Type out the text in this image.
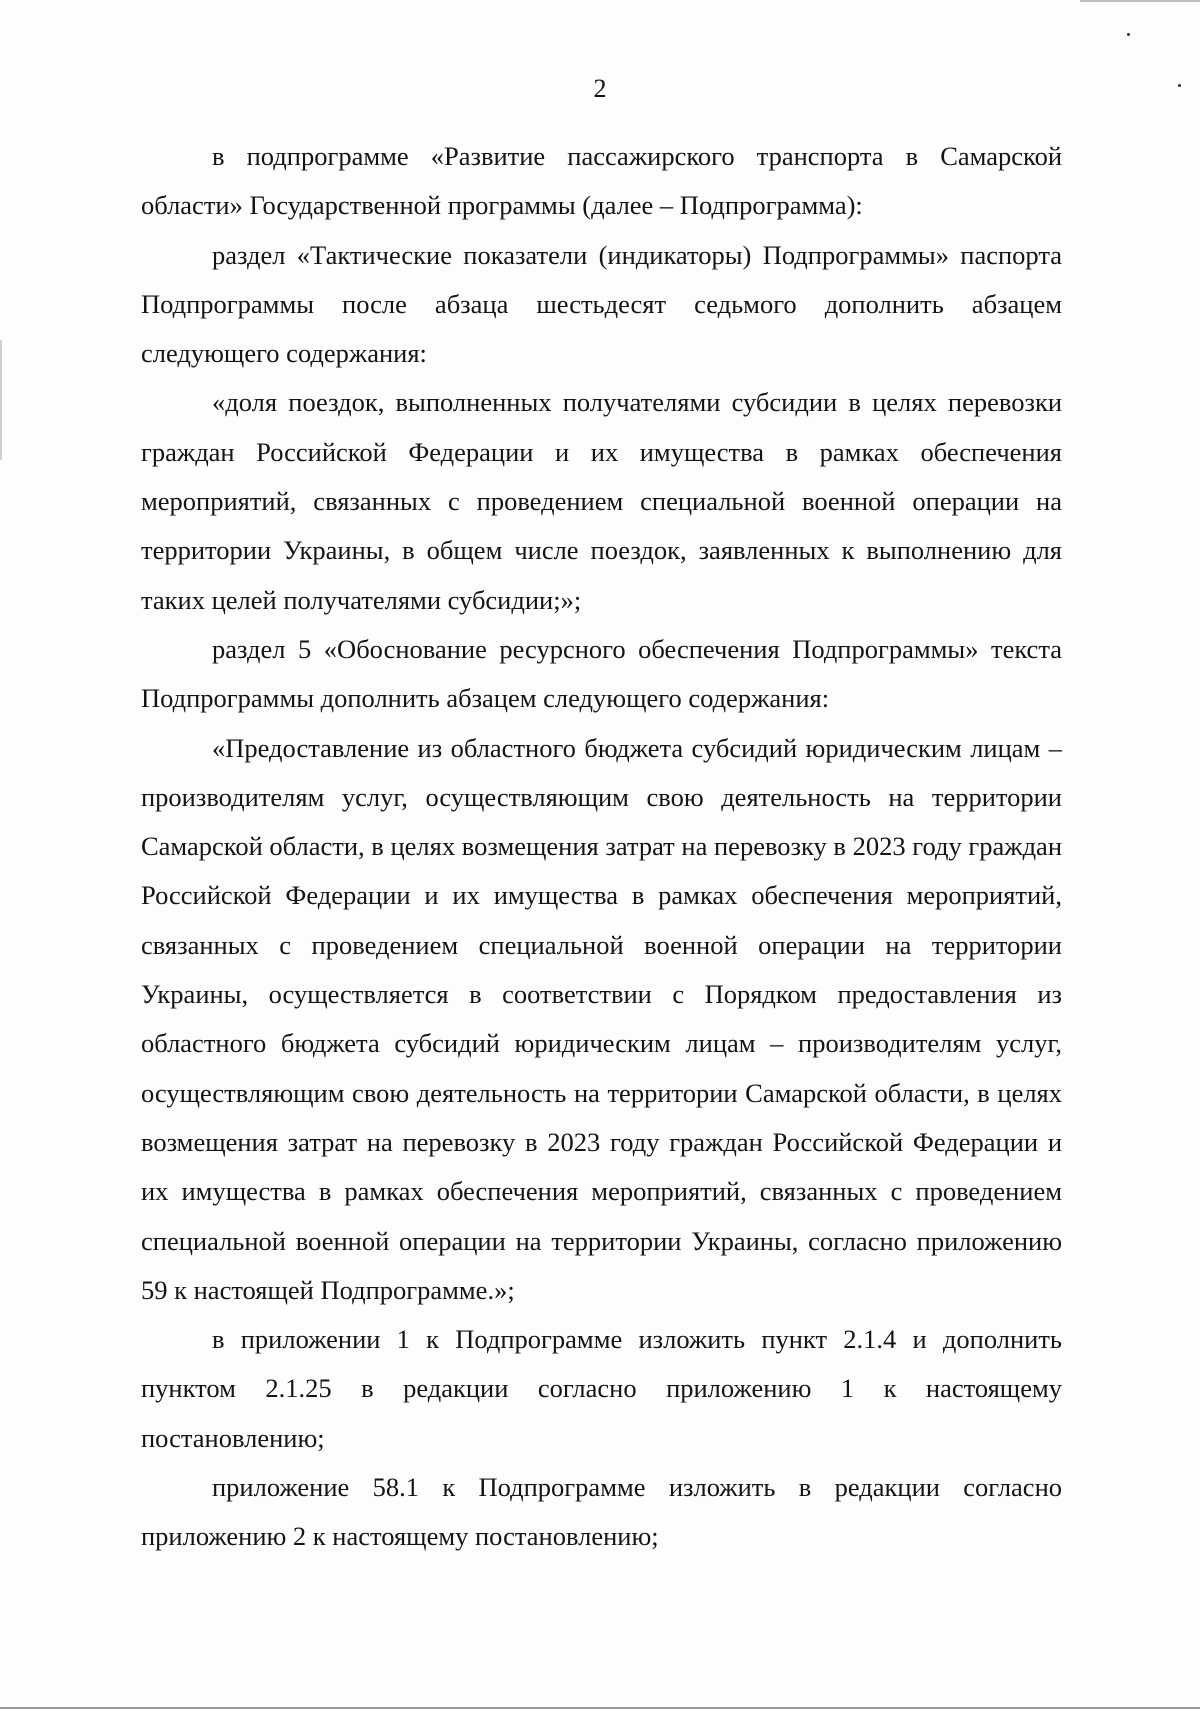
2

в подпрограмме «Развитие пассажирского транспорта в Самарской области» Государственной программы (далее – Подпрограмма):

раздел «Тактические показатели (индикаторы) Подпрограммы» паспорта Подпрограммы после абзаца шестьдесят седьмого дополнить абзацем следующего содержания:

«доля поездок, выполненных получателями субсидии в целях перевозки граждан Российской Федерации и их имущества в рамках обеспечения мероприятий, связанных с проведением специальной военной операции на территории Украины, в общем числе поездок, заявленных к выполнению для таких целей получателями субсидии;»;

раздел 5 «Обоснование ресурсного обеспечения Подпрограммы» текста Подпрограммы дополнить абзацем следующего содержания:

«Предоставление из областного бюджета субсидий юридическим лицам – производителям услуг, осуществляющим свою деятельность на территории Самарской области, в целях возмещения затрат на перевозку в 2023 году граждан Российской Федерации и их имущества в рамках обеспечения мероприятий, связанных с проведением специальной военной операции на территории Украины, осуществляется в соответствии с Порядком предоставления из областного бюджета субсидий юридическим лицам – производителям услуг, осуществляющим свою деятельность на территории Самарской области, в целях возмещения затрат на перевозку в 2023 году граждан Российской Федерации и их имущества в рамках обеспечения мероприятий, связанных с проведением специальной военной операции на территории Украины, согласно приложению 59 к настоящей Подпрограмме.»;

в приложении 1 к Подпрограмме изложить пункт 2.1.4 и дополнить пунктом 2.1.25 в редакции согласно приложению 1 к настоящему постановлению;

приложение 58.1 к Подпрограмме изложить в редакции согласно приложению 2 к настоящему постановлению;
